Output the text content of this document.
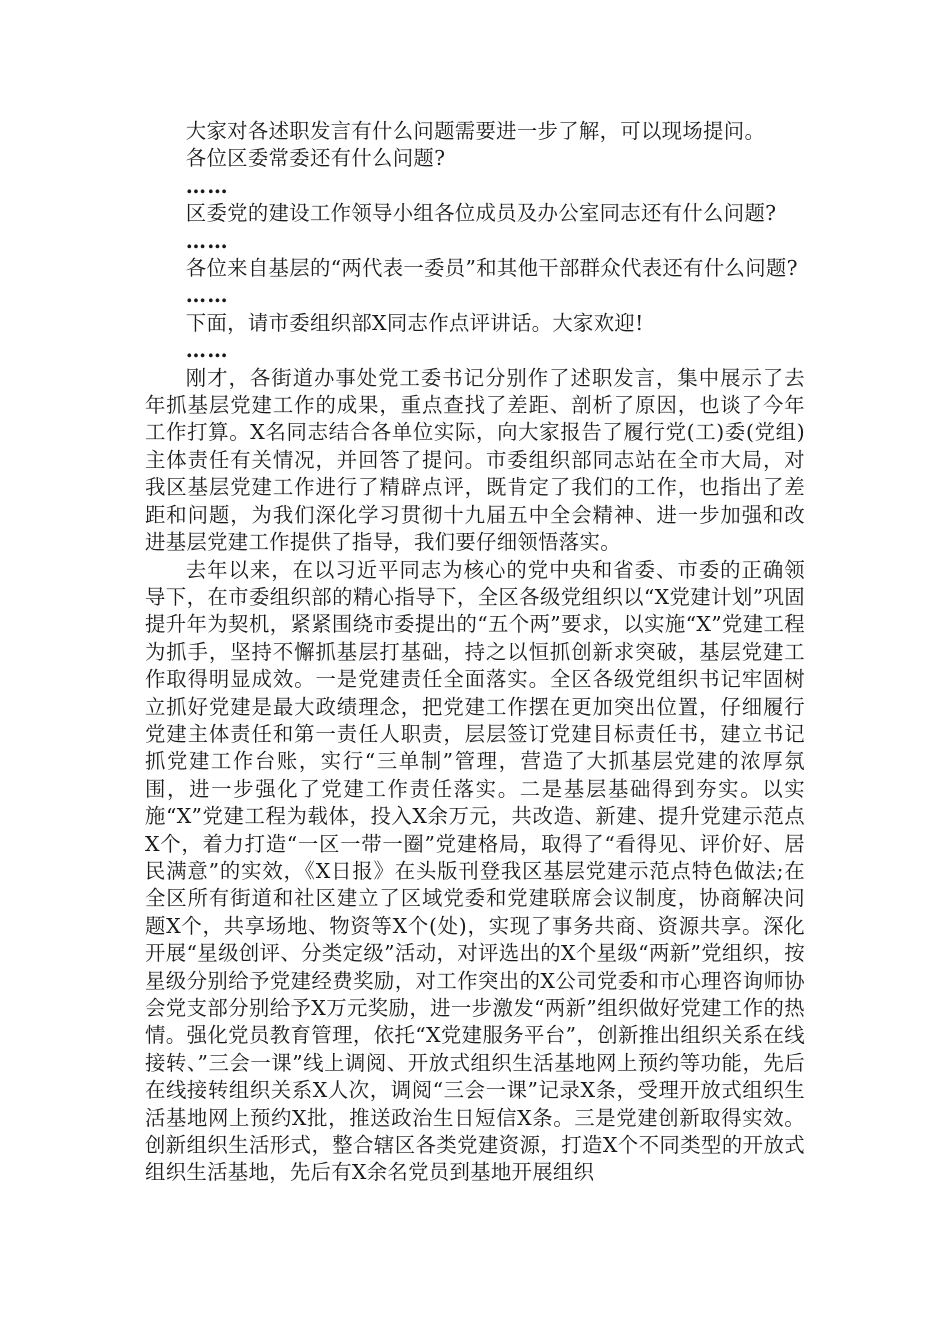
大家对各述职发言有什么问题需要进一步了解，可以现场提问。

各位区委常委还有什么问题?

……

区委党的建设工作领导小组各位成员及办公室同志还有什么问题?

……

各位来自基层的“两代表一委员”和其他干部群众代表还有什么问题?

……

下面，请市委组织部X同志作点评讲话。大家欢迎!

……

刚才，各街道办事处党工委书记分别作了述职发言，集中展示了去年抓基层党建工作的成果，重点查找了差距、剖析了原因，也谈了今年工作打算。X名同志结合各单位实际，向大家报告了履行党(工)委(党组)主体责任有关情况，并回答了提问。市委组织部同志站在全市大局，对我区基层党建工作进行了精辟点评，既肯定了我们的工作，也指出了差距和问题，为我们深化学习贯彻十九届五中全会精神、进一步加强和改进基层党建工作提供了指导，我们要仔细领悟落实。

去年以来，在以习近平同志为核心的党中央和省委、市委的正确领导下，在市委组织部的精心指导下，全区各级党组织以“X党建计划”巩固提升年为契机，紧紧围绕市委提出的“五个两”要求，以实施“X”党建工程为抓手，坚持不懈抓基层打基础，持之以恒抓创新求突破，基层党建工作取得明显成效。一是党建责任全面落实。全区各级党组织书记牢固树立抓好党建是最大政绩理念，把党建工作摆在更加突出位置，仔细履行党建主体责任和第一责任人职责，层层签订党建目标责任书，建立书记抓党建工作台账，实行“三单制”管理，营造了大抓基层党建的浓厚氛围，进一步强化了党建工作责任落实。二是基层基础得到夯实。以实施“X”党建工程为载体，投入X余万元，共改造、新建、提升党建示范点X个，着力打造“一区一带一圈”党建格局，取得了“看得见、评价好、居民满意”的实效，《X日报》在头版刊登我区基层党建示范点特色做法;在全区所有街道和社区建立了区域党委和党建联席会议制度，协商解决问题X个，共享场地、物资等X个(处)，实现了事务共商、资源共享。深化开展“星级创评、分类定级”活动，对评选出的X个星级“两新”党组织，按星级分别给予党建经费奖励，对工作突出的X公司党委和市心理咨询师协会党支部分别给予X万元奖励，进一步激发“两新”组织做好党建工作的热情。强化党员教育管理，依托“X党建服务平台”，创新推出组织关系在线接转、”三会一课”线上调阅、开放式组织生活基地网上预约等功能，先后在线接转组织关系X人次，调阅“三会一课”记录X条，受理开放式组织生活基地网上预约X批，推送政治生日短信X条。三是党建创新取得实效。创新组织生活形式，整合辖区各类党建资源，打造X个不同类型的开放式组织生活基地，先后有X余名党员到基地开展组织
